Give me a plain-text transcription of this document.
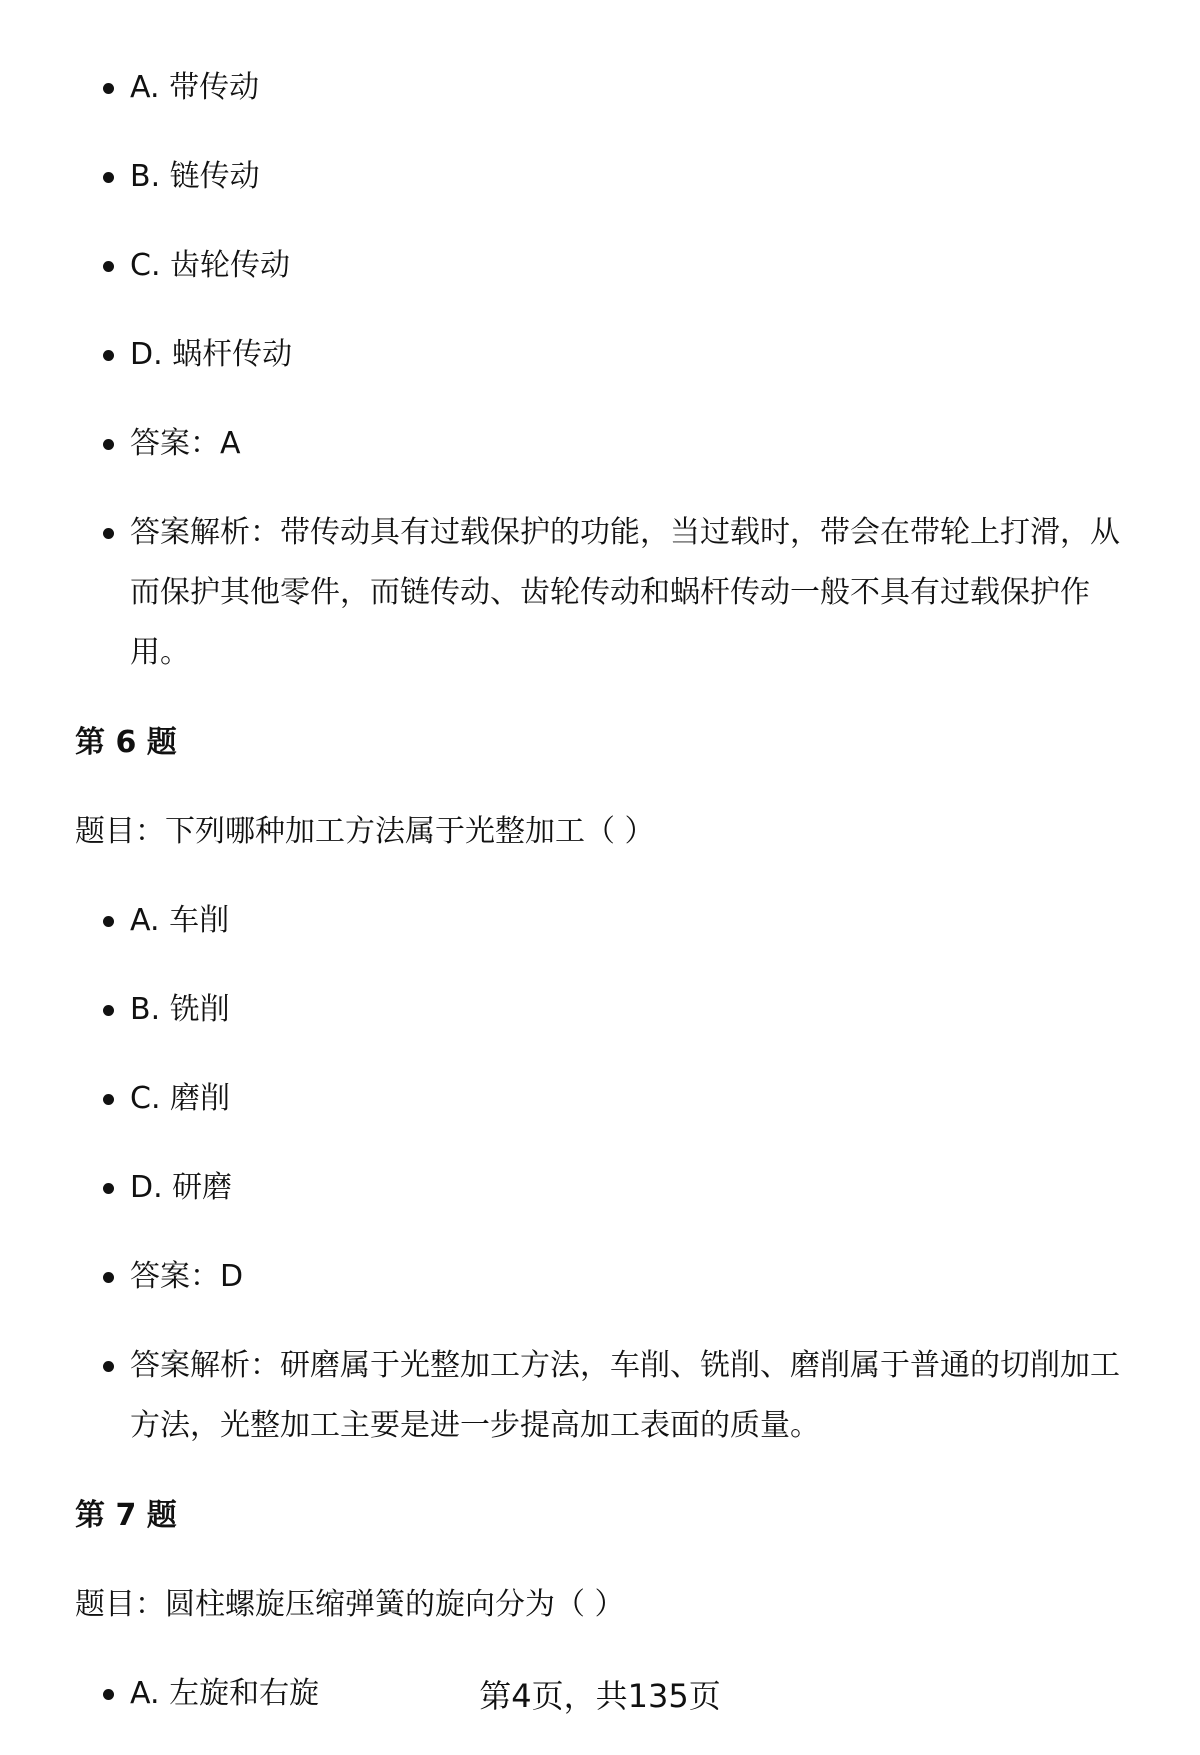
A. 带传动
B. 链传动
C. 齿轮传动
D. 蜗杆传动
答案：A
答案解析：带传动具有过载保护的功能，当过载时，带会在带轮上打滑，从而保护其他零件，而链传动、齿轮传动和蜗杆传动一般不具有过载保护作用。
第 6 题
题目：下列哪种加工方法属于光整加工（ ）
A. 车削
B. 铣削
C. 磨削
D. 研磨
答案：D
答案解析：研磨属于光整加工方法，车削、铣削、磨削属于普通的切削加工方法，光整加工主要是进一步提高加工表面的质量。
第 7 题
题目：圆柱螺旋压缩弹簧的旋向分为（ ）
A. 左旋和右旋	第4页，共135页
